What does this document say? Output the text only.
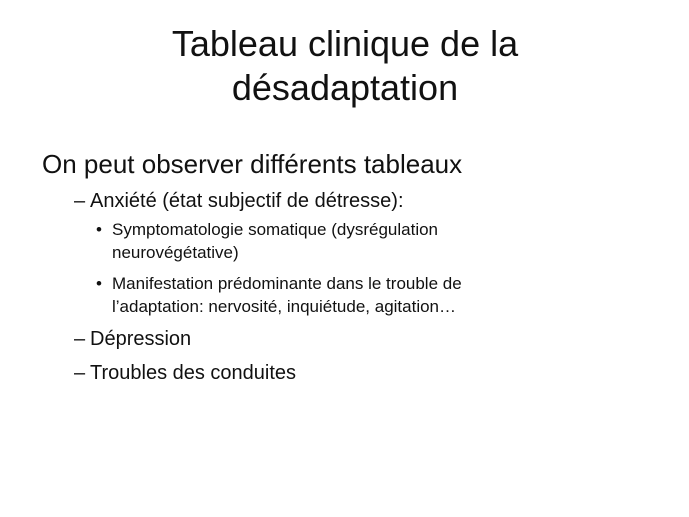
Tableau clinique de la
désadaptation

On peut observer différents tableaux

– Anxiété (état subjectif de détresse):

• Symptomatologie somatique (dysrégulation
neurovégétative)
• Manifestation prédominante dans le trouble de
l’adaptation: nervosité, inquiétude, agitation…

– Dépression

– Troubles des conduites
